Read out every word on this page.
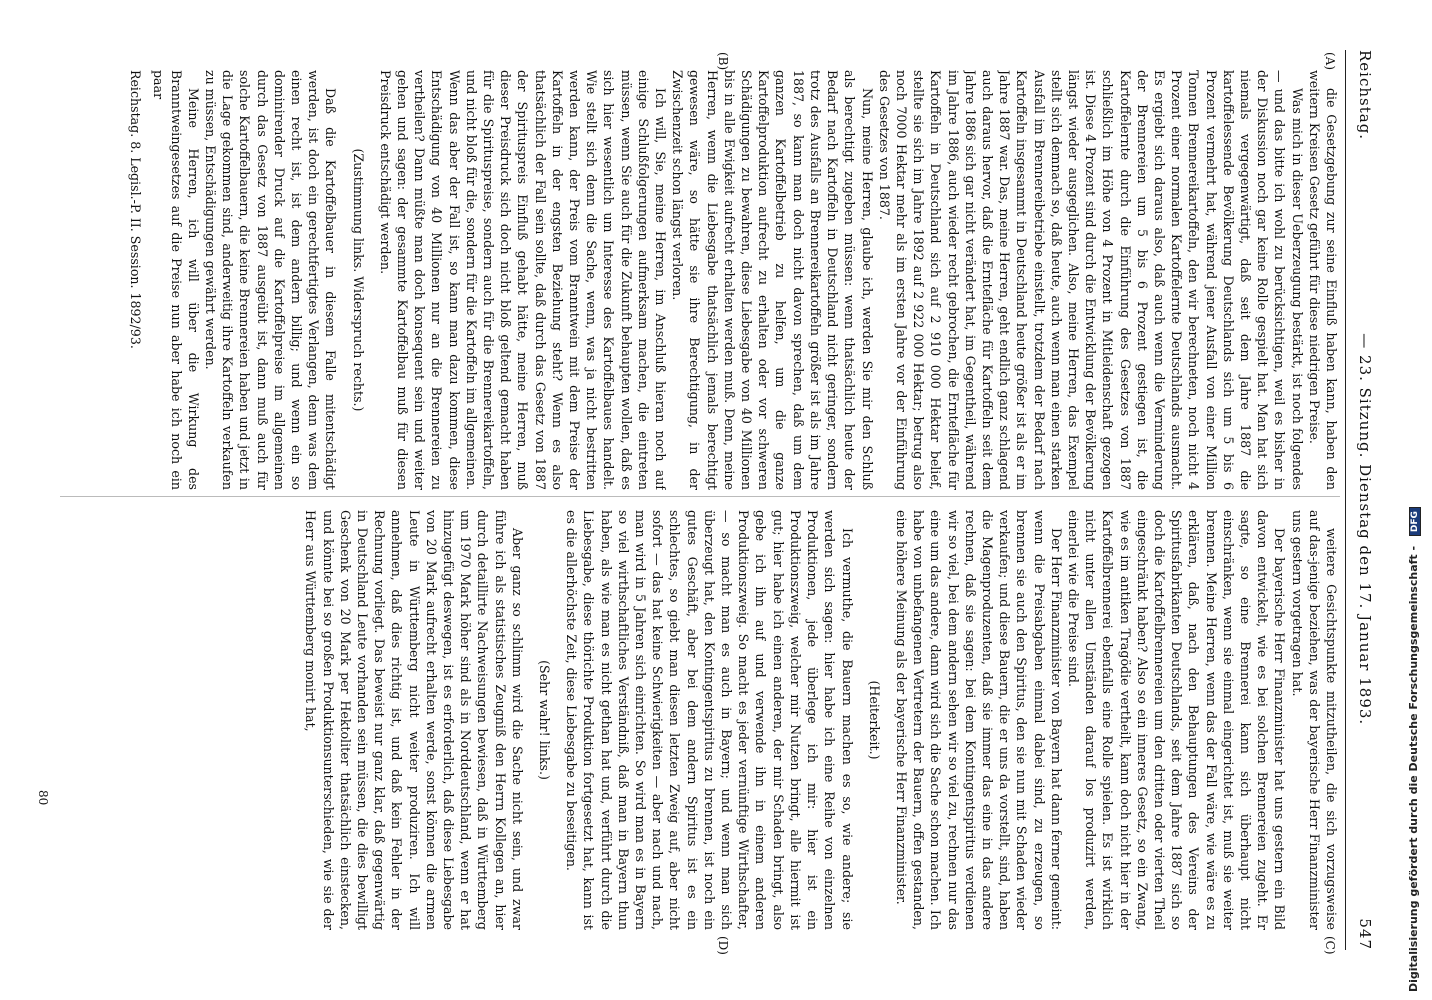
Reichstag.
— 23. Sitzung. Dienstag den 17. Januar 1893.
547
(A)
(B)
(C)
(D)

die Gesetzgebung zur seine Einfluß haben kann, haben den weitern Kreisen Gesetz geführt für diese niedrigen Preise.

Was mich in dieser Ueberzeugung bestärkt, ist noch folgendes — und das bitte ich wohl zu berücksichtigen, weil es bisher in der Diskussion noch gar keine Rolle gespielt hat. Man hat sich niemals vergegenwärtigt, daß seit dem Jahre 1887 die kartoffelessende Bevölkerung Deutschlands sich um 5 bis 6 Prozent vermehrt hat, während jener Ausfall von einer Million Tonnen Brennereikartoffeln, den wir berechneten, noch nicht 4 Prozent einer normalen Kartoffelernte Deutschlands ausmacht. Es ergiebt sich daraus also, daß auch wenn die Verminderung der Brennereien um 5 bis 6 Prozent gestiegen ist, die Kartoffelernte durch die Einführung des Gesetzes von 1887 schließlich im Höhe von 4 Prozent in Mitleidenschaft gezogen ist. Diese 4 Prozent sind durch die Entwicklung der Bevölkerung längst wieder ausgeglichen. Also, meine Herren, das Exempel stellt sich demnach so, daß heute, auch wenn man einen starken Ausfall im Brennereibetriebe einstellt, trotzdem der Bedarf nach Kartoffeln insgesammt in Deutschland heute größer ist als er im Jahre 1887 war. Das, meine Herren, geht endlich ganz schlagend auch daraus hervor, daß die Erntefläche für Kartoffeln seit dem Jahre 1886 sich gar nicht verändert hat, im Gegentheil, während im Jahre 1886, auch wieder recht gebrochen, die Erntefläche für Kartoffeln in Deutschland sich auf 2 910 000 Hektar belief, stellte sie sich im Jahre 1892 auf 2 922 000 Hektar; betrug also noch 7000 Hektar mehr als im ersten Jahre vor der Einführung des Gesetzes von 1887.

Nun, meine Herren, glaube ich, werden Sie mir den Schluß als berechtigt zugeben müssen: wenn thatsächlich heute der Bedarf nach Kartoffeln in Deutschland nicht geringer, sondern trotz des Ausfalls an Brennereikartoffeln größer ist als im Jahre 1887, so kann man doch nicht davon sprechen, daß um dem ganzen Kartoffelbetrieb zu helfen, um die ganze Kartoffelproduktion aufrecht zu erhalten oder vor schweren Schädigungen zu bewahren, diese Liebesgabe von 40 Millionen bis in alle Ewigkeit aufrecht erhalten werden muß. Denn, meine Herren, wenn die Liebesgabe thatsächlich jemals berechtigt gewesen wäre, so hätte sie ihre Berechtigung, in der Zwischenzeit schon längst verloren.

Ich will, Sie, meine Herren, im Anschluß hieran noch auf einige Schlußfolgerungen aufmerksam machen, die eintreten müssen, wenn Sie auch für die Zukunft behaupten wollen, daß es sich hier wesentlich um Interesse des Kartoffelbaues handelt. Wie stellt sich denn die Sache, wenn, was ja nicht bestritten werden kann, der Preis vom Branntwein mit dem Preise der Kartoffeln in der engsten Beziehung steht? Wenn es also thatsächlich der Fall sein sollte, daß durch das Gesetz von 1887 der Spirituspreis Einfluß gehabt hätte, meine Herren, muß dieser Preisdruck sich doch nicht bloß geltend gemacht haben für die Spirituspreise, sondern auch für die Brennereikartoffeln, und nicht bloß für die, sondern für die Kartoffeln im allgemeinen. Wenn das aber der Fall ist, so kann man dazu kommen, diese Entschädigung von 40 Millionen nur an die Brennereien zu vertheilen? Dann müßte man doch konsequent sein und weiter gehen und sagen: der gesammte Kartoffelbau muß für diesen Preisdruck entschädigt werden.

(Zustimmung links. Widerspruch rechts.)

Daß die Kartoffelbauer in diesem Falle mitentschädigt werden, ist doch ein gerechtfertigtes Verlangen, denn was dem einen recht ist, ist dem andern billig; und wenn ein so dominirender Druck auf die Kartoffelpreise im allgemeinen durch das Gesetz von 1887 ausgeübt ist, dann muß auch für solche Kartoffelbauern, die keine Brennereien haben und jetzt in die Lage gekommen sind, anderweitig ihre Kartoffeln verkaufen zu müssen, Entschädigungen gewährt werden.

Meine Herren, ich will über die Wirkung des Branntweingesetzes auf die Preise nun aber habe ich noch ein paar

Reichstag. 8. Legisl.-P. II. Session. 1892/93.

weitere Gesichtspunkte mitzutheilen, die sich vorzugsweise auf das-jenige beziehen, was der bayerische Herr Finanzminister uns gestern vorgetragen hat.

Der bayerische Herr Finanzminister hat uns gestern ein Bild davon entwickelt, wie es bei solchen Brennereien zugeht. Er sagte, so eine Brennerei kann sich überhaupt nicht einschränken, wenn sie einmal eingerichtet ist, muß sie weiter brennen. Meine Herren, wenn das der Fall wäre, wie wäre es zu erklären, daß, nach den Behauptungen des Vereins der Spiritusfabrikanten Deutschlands, seit dem Jahre 1887 sich so doch die Kartoffelbrennereien um den dritten oder vierten Theil eingeschränkt haben? Also so ein inneres Gesetz, so ein Zwang, wie es im antiken Tragödie vertheilt, kann doch nicht hier in der Kartoffelbrennerei ebenfalls eine Rolle spielen. Es ist wirklich nicht unter allen Umständen darauf los produzirt werden, einerlei wie die Preise sind.

Der Herr Finanzminister von Bayern hat dann ferner gemeint: wenn die Preisabgaben einmal dabei sind, zu erzeugen, so brennen sie auch den Spiritus, den sie nun mit Schaden wieder verkaufen; und diese Bauern, die er uns da vorstellt, sind, haben die Magenproduzenten, daß sie immer das eine in das andere rechnen, daß sie sagen: bei dem Kontingentspiritus verdienen wir so viel, bei dem andern sehen wir so viel zu, rechnen nur das eine um das andere, dann wird sich die Sache schon machen. Ich habe von unbefangenen Vertretern der Bauern, offen gestanden, eine höhere Meinung als der bayerische Herr Finanzminister.

(Heiterkeit.)

Ich vermuthe, die Bauern machen es so, wie andere; sie werden sich sagen: hier habe ich eine Reihe von einzelnen Produktionen, jede überlege ich mir: hier ist ein Produktionszweig, welcher mir Nutzen bringt, alle hiermit ist gut; hier habe ich einen anderen, der mir Schaden bringt, also gebe ich ihn auf und verwende ihn in einem anderen Produktionszweig. So macht es jeder vernünftige Wirthschafter, — so macht man es auch in Bayern; und wenn man sich überzeugt hat, den Kontingentspiritus zu brennen, ist noch ein gutes Geschäft, aber bei dem andern Spiritus ist es ein schlechtes, so giebt man diesen letzten Zweig auf, aber nicht sofort — das hat keine Schwierigkeiten — aber nach und nach, man wird in 5 Jahren sich einrichten. So wird man es in Bayern so viel wirthschaftliches Verständniß, daß man in Bayern thun haben, als wie man es nicht gethan hat und, verführt durch die Liebesgabe, diese thörichte Produktion fortgesetzt hat, kann ist es die allerhöchste Zeit, diese Liebesgabe zu beseitigen.

(Sehr wahr! links.)

Aber ganz so schlimm wird die Sache nicht sein, und zwar führe ich als statistisches Zeugniß den Herrn Kollegen an, hier durch detaillirte Nachweisungen bewiesen, daß in Württemberg um 1970 Mark höher sind als in Norddeutschland, wenn er hat hinzugefügt deswegen, ist es erforderlich, daß diese Liebesgabe von 20 Mark aufrecht erhalten werde, sonst können die armen Leute in Württemberg nicht weiter produziren. Ich will annehmen, daß dies richtig ist, und daß kein Fehler in der Rechnung vorliegt. Das beweist nur ganz klar, daß gegenwärtig in Deutschland Leute vorhanden sein müssen, die dies bewilligt Geschenk von 20 Mark per Hektoliter thatsächlich einstecken, und könnte bei so großen Produktionsunterschieden, wie sie der Herr aus Württemberg monirt hat,

80	Digitalisierung gefördert durch die Deutsche Forschungsgemeinschaft - DFG
